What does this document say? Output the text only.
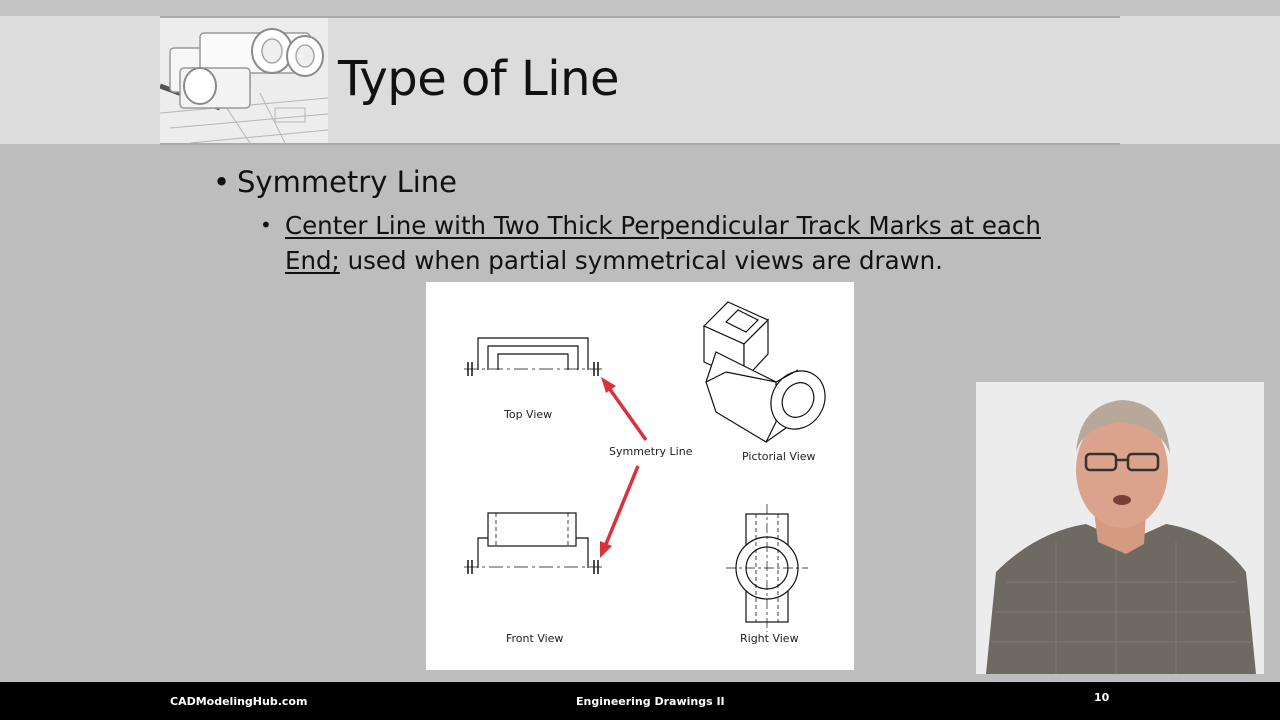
Type of Line
• Symmetry Line
• Center Line with Two Thick Perpendicular Track Marks at each End; used when partial symmetrical views are drawn.
Top View
Symmetry Line	Pictorial View
Front View	Right View
CADModelingHub.com	Engineering Drawings II	10
